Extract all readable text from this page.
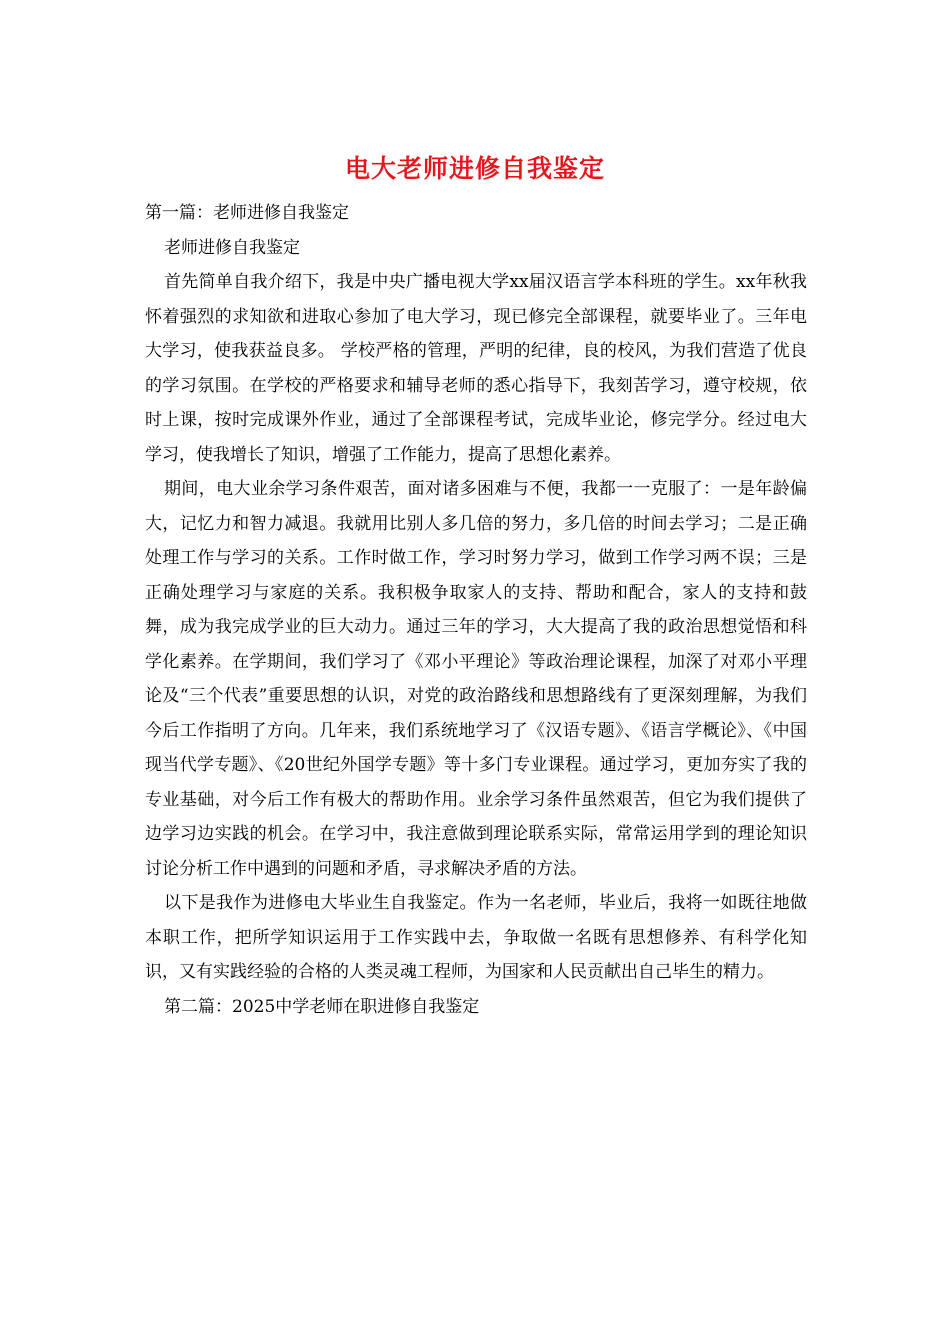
电大老师进修自我鉴定

第一篇：老师进修自我鉴定

老师进修自我鉴定

首先简单自我介绍下，我是中央广播电视大学xx届汉语言学本科班的学生。xx年秋我怀着强烈的求知欲和进取心参加了电大学习，现已修完全部课程，就要毕业了。三年电大学习，使我获益良多。 学校严格的管理，严明的纪律，良的校风，为我们营造了优良的学习氛围。在学校的严格要求和辅导老师的悉心指导下，我刻苦学习，遵守校规，依时上课，按时完成课外作业，通过了全部课程考试，完成毕业论，修完学分。经过电大学习，使我增长了知识，增强了工作能力，提高了思想化素养。

期间，电大业余学习条件艰苦，面对诸多困难与不便，我都一一克服了：一是年龄偏大，记忆力和智力减退。我就用比别人多几倍的努力，多几倍的时间去学习；二是正确处理工作与学习的关系。工作时做工作，学习时努力学习，做到工作学习两不误；三是正确处理学习与家庭的关系。我积极争取家人的支持、帮助和配合，家人的支持和鼓舞，成为我完成学业的巨大动力。通过三年的学习，大大提高了我的政治思想觉悟和科学化素养。在学期间，我们学习了《邓小平理论》等政治理论课程，加深了对邓小平理论及“三个代表”重要思想的认识，对党的政治路线和思想路线有了更深刻理解，为我们今后工作指明了方向。几年来，我们系统地学习了《汉语专题》、《语言学概论》、《中国现当代学专题》、《20世纪外国学专题》等十多门专业课程。通过学习，更加夯实了我的专业基础，对今后工作有极大的帮助作用。业余学习条件虽然艰苦，但它为我们提供了边学习边实践的机会。在学习中，我注意做到理论联系实际，常常运用学到的理论知识讨论分析工作中遇到的问题和矛盾，寻求解决矛盾的方法。

以下是我作为进修电大毕业生自我鉴定。作为一名老师，毕业后，我将一如既往地做本职工作，把所学知识运用于工作实践中去，争取做一名既有思想修养、有科学化知识，又有实践经验的合格的人类灵魂工程师，为国家和人民贡献出自己毕生的精力。

第二篇：2025中学老师在职进修自我鉴定
